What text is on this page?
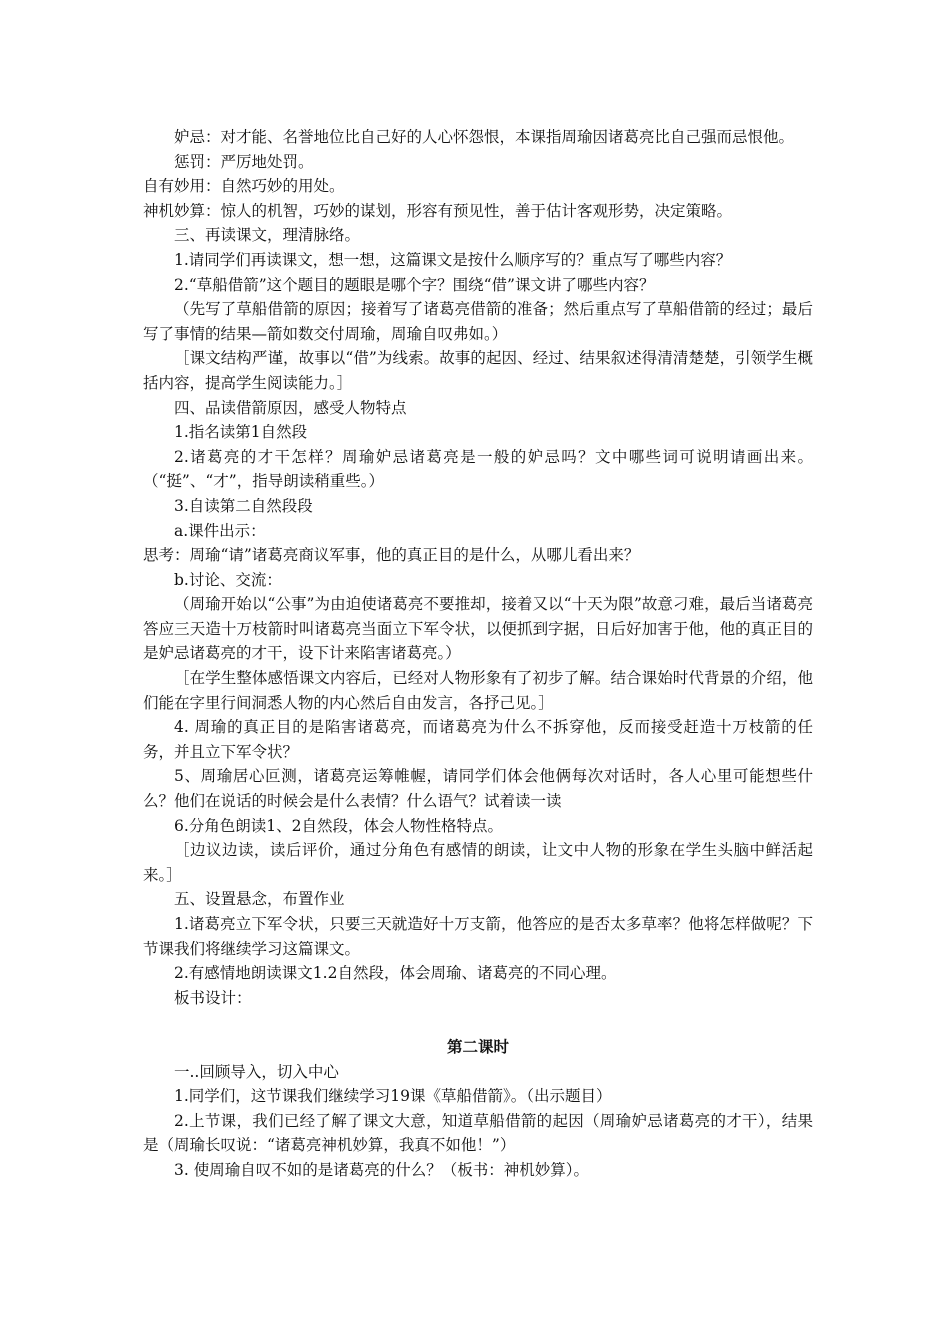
妒忌：对才能、名誉地位比自己好的人心怀怨恨，本课指周瑜因诸葛亮比自己强而忌恨他。

惩罚：严厉地处罚。

自有妙用：自然巧妙的用处。

神机妙算：惊人的机智，巧妙的谋划，形容有预见性，善于估计客观形势，决定策略。

三、再读课文，理清脉络。

1.请同学们再读课文，想一想，这篇课文是按什么顺序写的？重点写了哪些内容？

2.“草船借箭”这个题目的题眼是哪个字？围绕“借”课文讲了哪些内容？

（先写了草船借箭的原因；接着写了诸葛亮借箭的准备；然后重点写了草船借箭的经过；最后写了事情的结果—箭如数交付周瑜，周瑜自叹弗如。）

［课文结构严谨，故事以“借”为线索。故事的起因、经过、结果叙述得清清楚楚，引领学生概括内容，提高学生阅读能力。］

四、品读借箭原因，感受人物特点

1.指名读第1自然段

2.诸葛亮的才干怎样？周瑜妒忌诸葛亮是一般的妒忌吗？文中哪些词可说明请画出来。（“挺”、“才”，指导朗读稍重些。）

3.自读第二自然段段

a.课件出示：

思考：周瑜“请”诸葛亮商议军事，他的真正目的是什么，从哪儿看出来？

b.讨论、交流：

（周瑜开始以“公事”为由迫使诸葛亮不要推却，接着又以“十天为限”故意刁难，最后当诸葛亮答应三天造十万枝箭时叫诸葛亮当面立下军令状，以便抓到字据，日后好加害于他，他的真正目的是妒忌诸葛亮的才干，设下计来陷害诸葛亮。）

［在学生整体感悟课文内容后，已经对人物形象有了初步了解。结合课始时代背景的介绍，他们能在字里行间洞悉人物的内心然后自由发言，各抒己见。］

4. 周瑜的真正目的是陷害诸葛亮，而诸葛亮为什么不拆穿他，反而接受赶造十万枝箭的任务，并且立下军令状？

5、周瑜居心叵测，诸葛亮运筹帷幄，请同学们体会他俩每次对话时，各人心里可能想些什么？他们在说话的时候会是什么表情？什么语气？试着读一读

6.分角色朗读1、2自然段，体会人物性格特点。

［边议边读，读后评价，通过分角色有感情的朗读，让文中人物的形象在学生头脑中鲜活起来。］

五、设置悬念，布置作业

1.诸葛亮立下军令状，只要三天就造好十万支箭，他答应的是否太多草率？他将怎样做呢？下节课我们将继续学习这篇课文。

2.有感情地朗读课文1.2自然段，体会周瑜、诸葛亮的不同心理。

板书设计：

第二课时

一..回顾导入，切入中心

1.同学们，这节课我们继续学习19课《草船借箭》。（出示题目）

2.上节课，我们已经了解了课文大意，知道草船借箭的起因（周瑜妒忌诸葛亮的才干），结果是（周瑜长叹说：“诸葛亮神机妙算，我真不如他！”）

3. 使周瑜自叹不如的是诸葛亮的什么？（板书：神机妙算）。
